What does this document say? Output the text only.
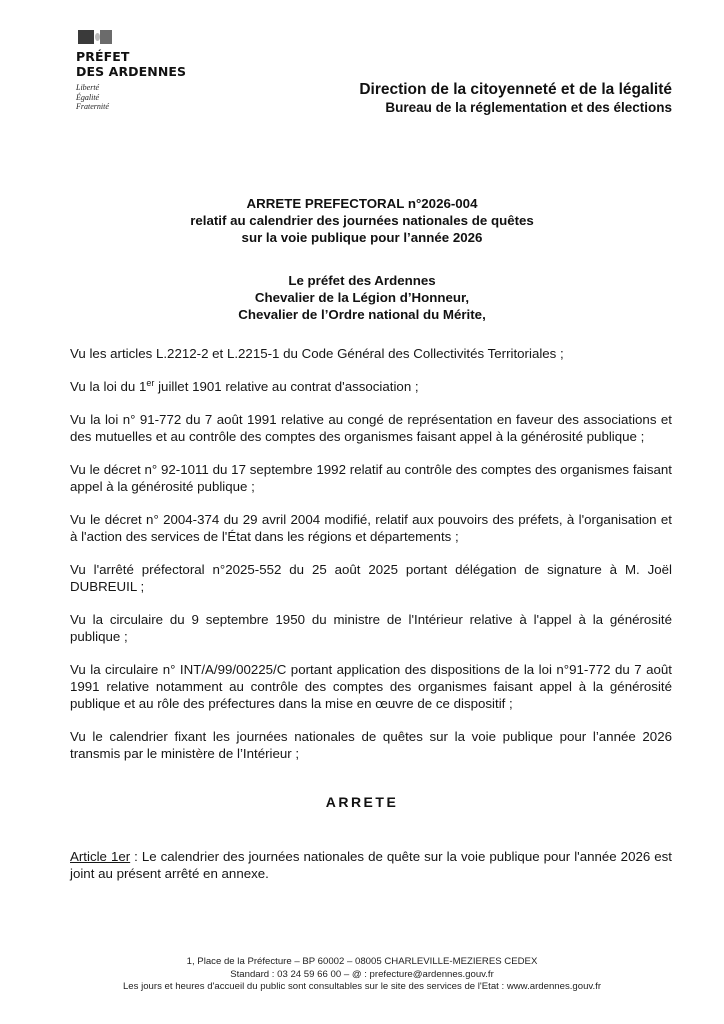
PRÉFET
DES ARDENNES
Liberté
Égalité
Fraternité
Direction de la citoyenneté et de la légalité
Bureau de la réglementation et des élections
ARRETE PREFECTORAL n°2026-004
relatif au calendrier des journées nationales de quêtes
sur la voie publique pour l’année 2026
Le préfet des Ardennes
Chevalier de la Légion d’Honneur,
Chevalier de l’Ordre national du Mérite,

Vu les articles L.2212-2 et L.2215-1 du Code Général des Collectivités Territoriales ;

Vu la loi du 1er juillet 1901 relative au contrat d'association ;

Vu la loi n° 91-772 du 7 août 1991 relative au congé de représentation en faveur des associations et des mutuelles et au contrôle des comptes des organismes faisant appel à la générosité publique ;

Vu le décret n° 92-1011 du 17 septembre 1992 relatif au contrôle des comptes des organismes faisant appel à la générosité publique ;

Vu le décret n° 2004-374 du 29 avril 2004 modifié, relatif aux pouvoirs des préfets, à l'organisation et à l'action des services de l'État dans les régions et départements ;

Vu l'arrêté préfectoral n°2025-552 du 25 août 2025 portant délégation de signature à M. Joël DUBREUIL ;

Vu la circulaire du 9 septembre 1950 du ministre de l'Intérieur relative à l'appel à la générosité publique ;

Vu la circulaire n° INT/A/99/00225/C portant application des dispositions de la loi n°91-772 du 7 août 1991 relative notamment au contrôle des comptes des organismes faisant appel à la générosité publique et au rôle des préfectures dans la mise en œuvre de ce dispositif ;

Vu le calendrier fixant les journées nationales de quêtes sur la voie publique pour l’année 2026 transmis par le ministère de l’Intérieur ;

ARRETE
Article 1er : Le calendrier des journées nationales de quête sur la voie publique pour l'année 2026 est joint au présent arrêté en annexe.
1, Place de la Préfecture – BP 60002 – 08005 CHARLEVILLE-MEZIERES CEDEX
Standard : 03 24 59 66 00 – @ : prefecture@ardennes.gouv.fr
Les jours et heures d'accueil du public sont consultables sur le site des services de l'Etat : www.ardennes.gouv.fr
